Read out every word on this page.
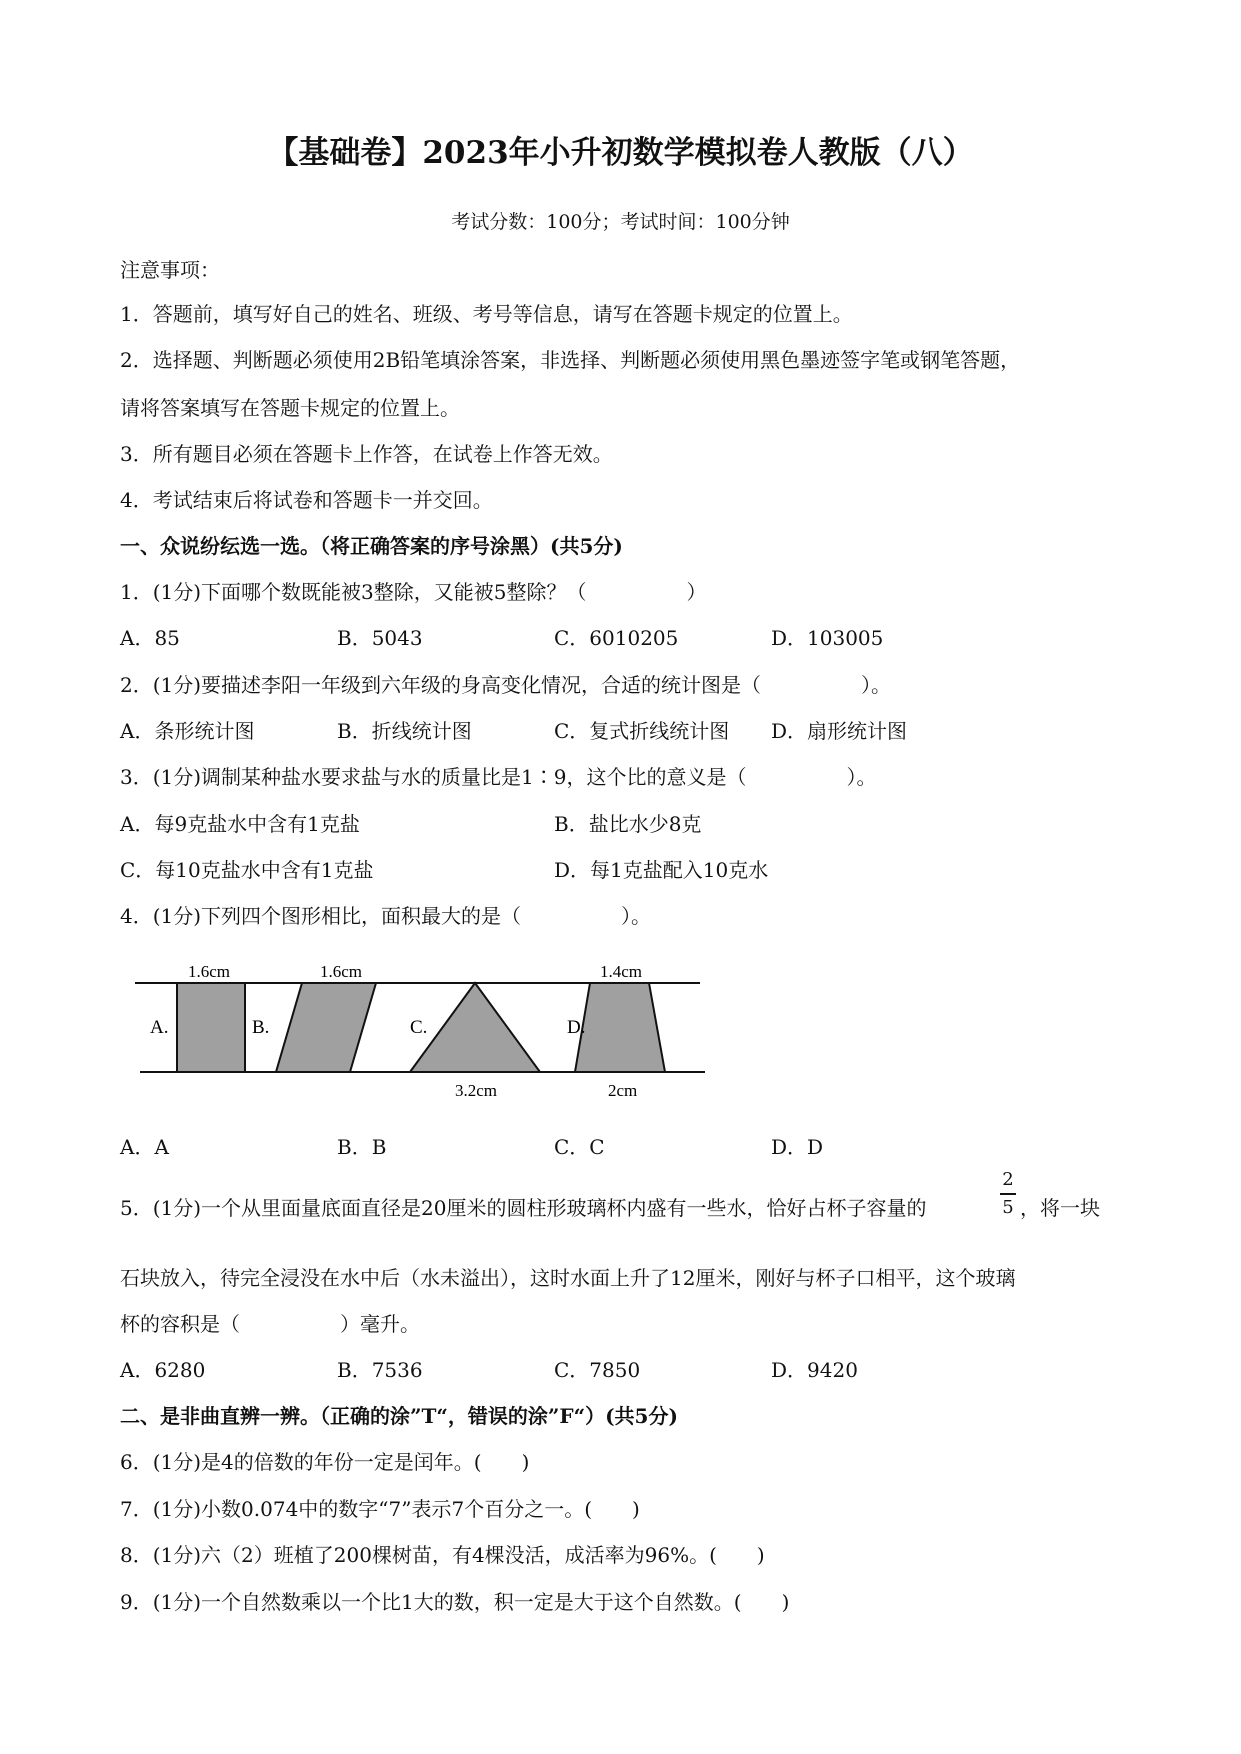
【基础卷】2023年小升初数学模拟卷人教版（八）
考试分数：100分；考试时间：100分钟
注意事项：
1．答题前，填写好自己的姓名、班级、考号等信息，请写在答题卡规定的位置上。
2．选择题、判断题必须使用2B铅笔填涂答案，非选择、判断题必须使用黑色墨迹签字笔或钢笔答题，
请将答案填写在答题卡规定的位置上。
3．所有题目必须在答题卡上作答，在试卷上作答无效。
4．考试结束后将试卷和答题卡一并交回。
一、众说纷纭选一选。（将正确答案的序号涂黑）(共5分)
1．(1分)下面哪个数既能被3整除，又能被5整除？（　　　　　）
A．85	B．5043	C．6010205	D．103005
2．(1分)要描述李阳一年级到六年级的身高变化情况，合适的统计图是（　　　　　）。
A．条形统计图	B．折线统计图	C．复式折线统计图 D．扇形统计图
3．(1分)调制某种盐水要求盐与水的质量比是1∶9，这个比的意义是（　　　　　）。
A．每9克盐水中含有1克盐	B．盐比水少8克
C．每10克盐水中含有1克盐	D．每1克盐配入10克水
4．(1分)下列四个图形相比，面积最大的是（　　　　　）。
A.
1.6cm
B.
1.6cm
C.
3.2cm
D.
1.4cm
2cm
A．A	B．B	C．C	D．D
5．(1分)一个从里面量底面直径是20厘米的圆柱形玻璃杯内盛有一些水，恰好占杯子容量的
2
5 ，将一块
石块放入，待完全浸没在水中后（水未溢出），这时水面上升了12厘米，刚好与杯子口相平，这个玻璃
杯的容积是（　　　　　）毫升。
A．6280	B．7536	C．7850	D．9420
二、是非曲直辨一辨。（正确的涂”T“，错误的涂”F“）(共5分)
6．(1分)是4的倍数的年份一定是闰年。(　　)
7．(1分)小数0.074中的数字“7”表示7个百分之一。(　　)
8．(1分)六（2）班植了200棵树苗，有4棵没活，成活率为96%。(　　)
9．(1分)一个自然数乘以一个比1大的数，积一定是大于这个自然数。(　　)
